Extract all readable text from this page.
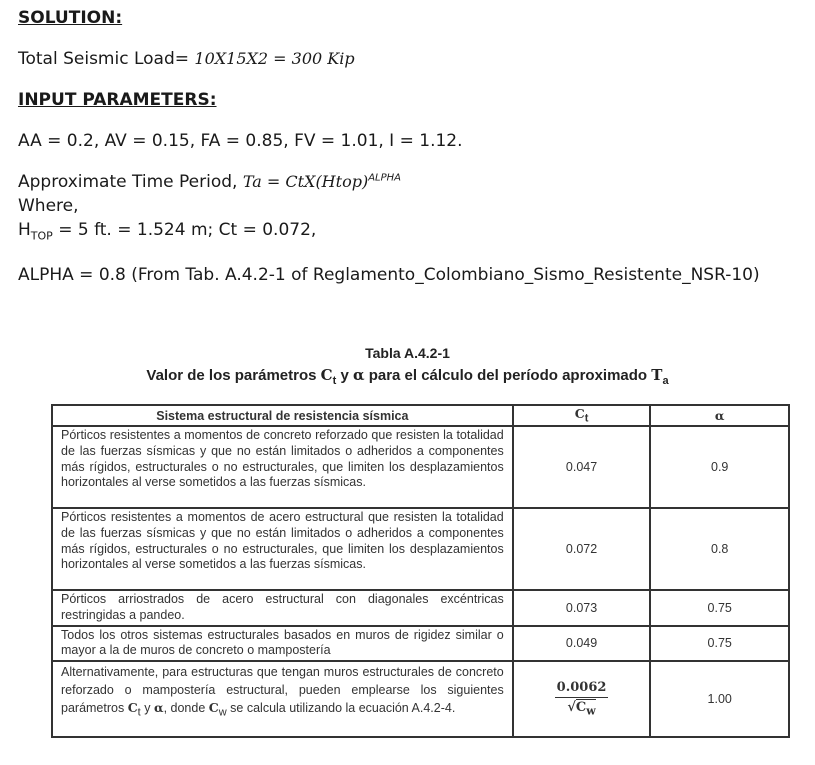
SOLUTION:
Total Seismic Load= 10X15X2 = 300 Kip
INPUT PARAMETERS:
AA = 0.2, AV = 0.15, FA = 0.85, FV = 1.01, I = 1.12.
Approximate Time Period, Ta = CtX(Htop)$^{ALPHA}$
Where,
$H_{TOP} = 5$ ft. = 1.524 m; Ct = 0.072,
ALPHA = 0.8 (From Tab. A.4.2-1 of Reglamento_Colombiano_Sismo_Resistente_NSR-10)
Tabla A.4.2-1
Valor de los parámetros $C_t$ y α para el cálculo del período aproximado $T_a$
Sistema estructural de resistencia sísmica	$C_t$	α
Pórticos resistentes a momentos de concreto reforzado que resisten la totalidad de las fuerzas sísmicas y que no están limitados o adheridos a componentes más rígidos, estructurales o no estructurales, que limiten los desplazamientos horizontales al verse sometidos a las fuerzas sísmicas.	0.047	0.9
Pórticos resistentes a momentos de acero estructural que resisten la totalidad de las fuerzas sísmicas y que no están limitados o adheridos a componentes más rígidos, estructurales o no estructurales, que limiten los desplazamientos horizontales al verse sometidos a las fuerzas sísmicas.	0.072	0.8
Pórticos arriostrados de acero estructural con diagonales excéntricas restringidas a pandeo.	0.073	0.75
Todos los otros sistemas estructurales basados en muros de rigidez similar o mayor a la de muros de concreto o mampostería	0.049	0.75
Alternativamente, para estructuras que tengan muros estructurales de concreto reforzado o mampostería estructural, pueden emplearse los siguientes parámetros $C_t$ y α, donde $C_w$ se calcula utilizando la ecuación A.4.2-4.	$\frac{0.0062}{√C_w}$	1.00
